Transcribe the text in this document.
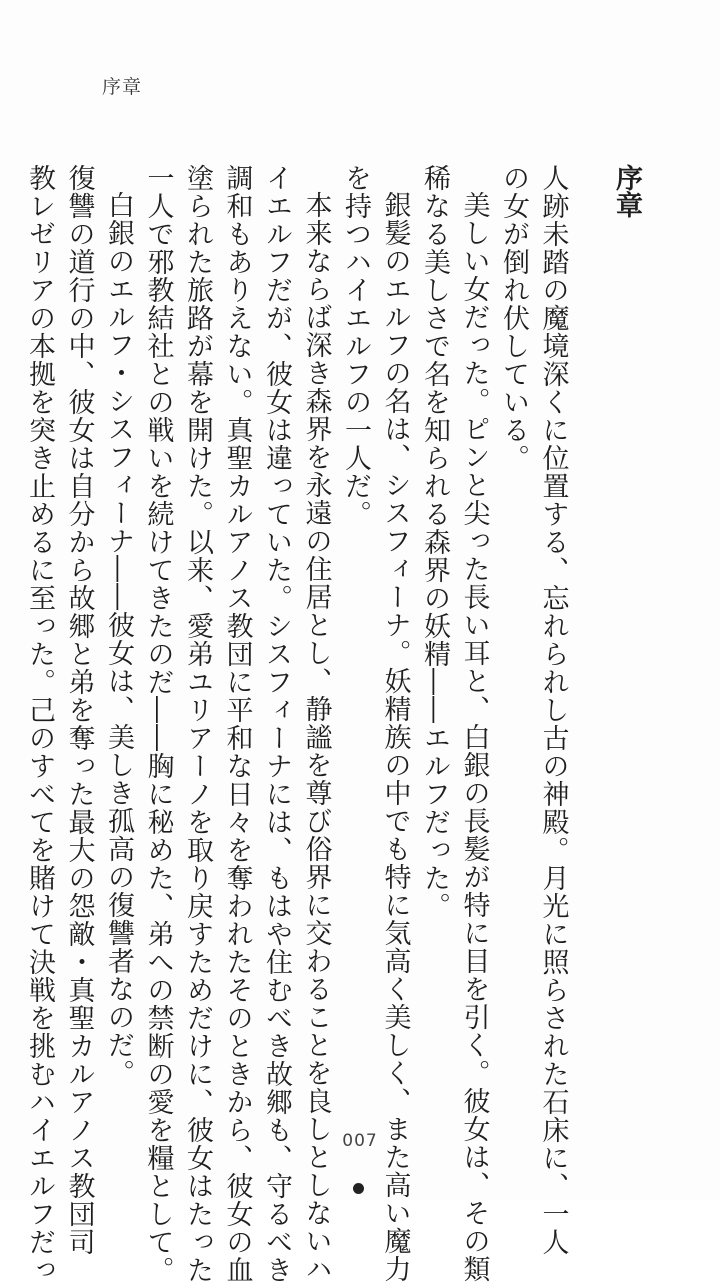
序章
序章
人跡未踏の魔境深くに位置する、忘れられし古の神殿。月光に照らされた石床に、一人
の女が倒れ伏している。
美しい女だった。ピンと尖った長い耳と、白銀の長髪が特に目を引く。彼女は、その類
稀なる美しさで名を知られる森界の妖精――エルフだった。
銀髪のエルフの名は、シスフィーナ。妖精族の中でも特に気高く美しく、また高い魔力
を持つハイエルフの一人だ。
本来ならば深き森界を永遠の住居とし、静謐を尊び俗界に交わることを良しとしないハ
イエルフだが、彼女は違っていた。シスフィーナには、もはや住むべき故郷も、守るべき
調和もありえない。真聖カルアノス教団に平和な日々を奪われたそのときから、彼女の血
塗られた旅路が幕を開けた。以来、愛弟ユリアーノを取り戻すためだけに、彼女はたった
一人で邪教結社との戦いを続けてきたのだ――胸に秘めた、弟への禁断の愛を糧として。
白銀のエルフ・シスフィーナ――彼女は、美しき孤高の復讐者なのだ。
復讐の道行の中、彼女は自分から故郷と弟を奪った最大の怨敵・真聖カルアノス教団司
教レゼリアの本拠を突き止めるに至った。己のすべてを賭けて決戦を挑むハイエルフだっ	007
